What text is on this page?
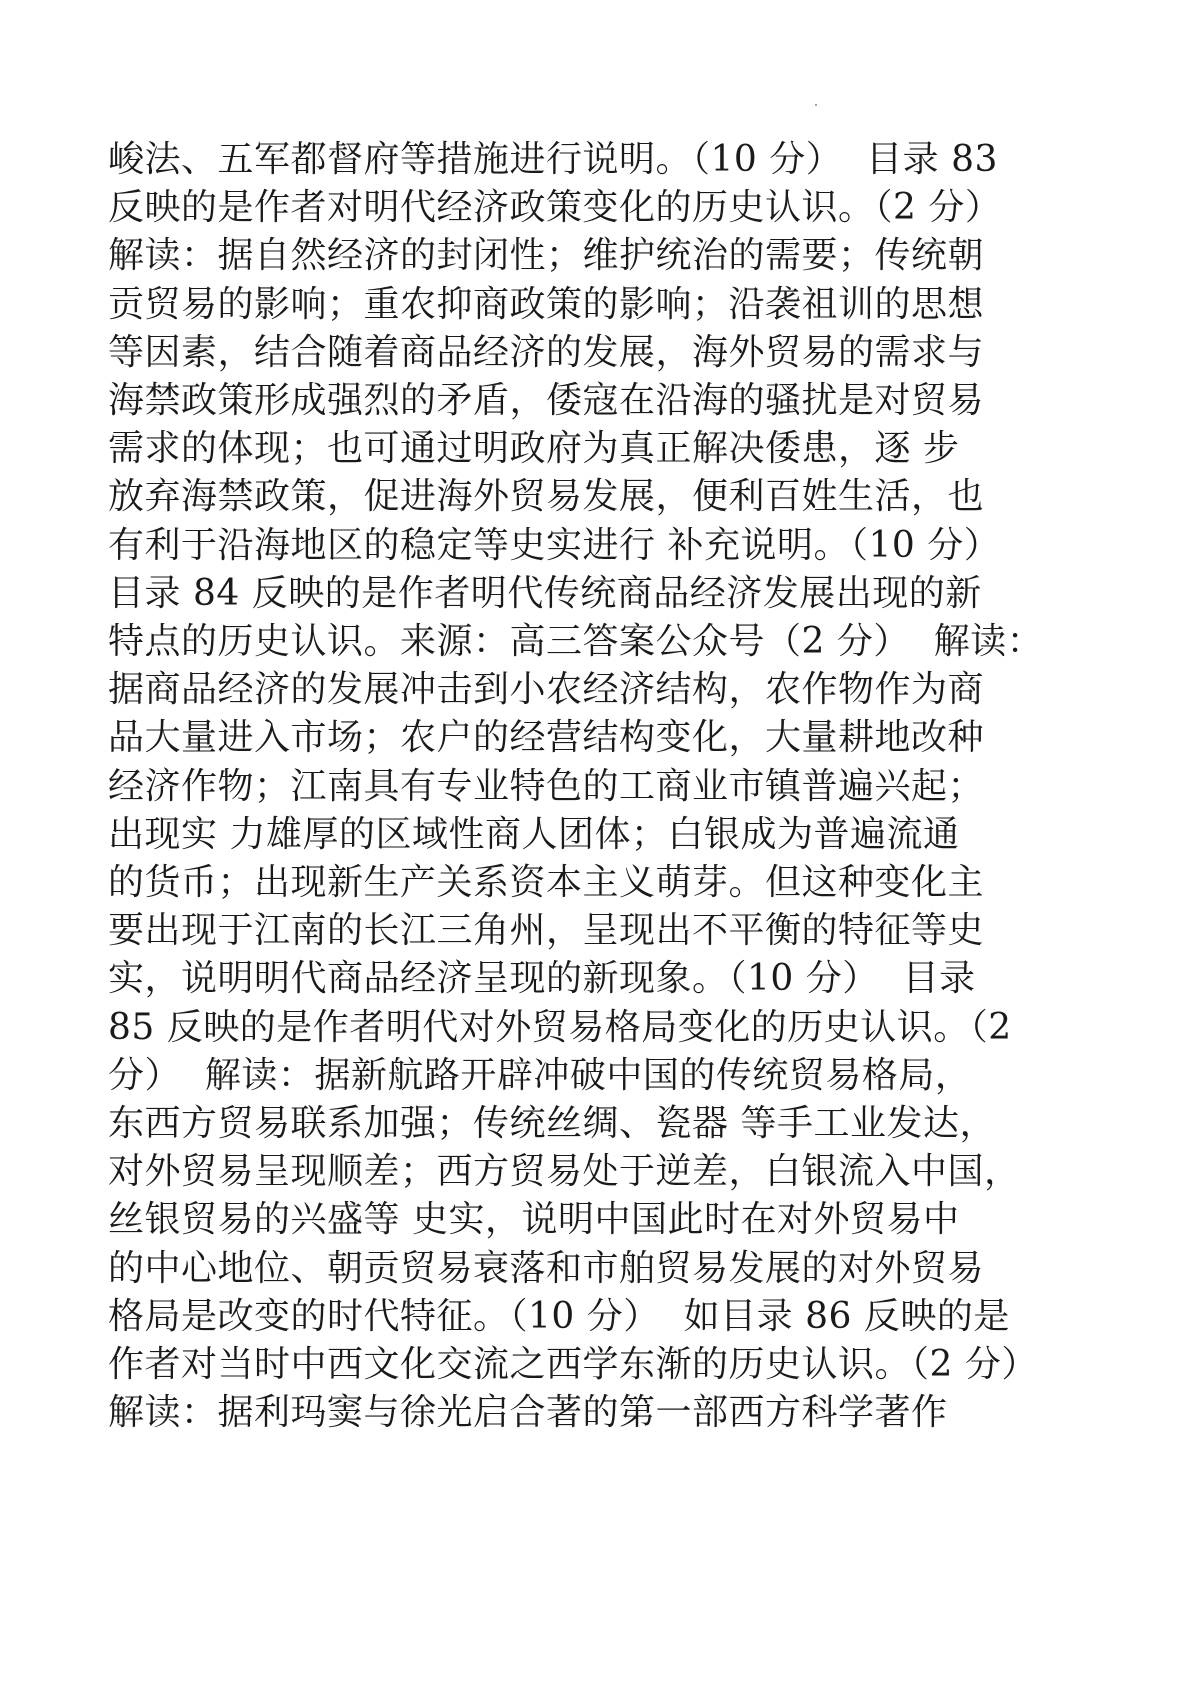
峻法、五军都督府等措施进行说明。（10 分）  目录 83
反映的是作者对明代经济政策变化的历史认识。（2 分）
解读：据自然经济的封闭性；维护统治的需要；传统朝
贡贸易的影响；重农抑商政策的影响；沿袭祖训的思想
等因素，结合随着商品经济的发展，海外贸易的需求与
海禁政策形成强烈的矛盾，倭寇在沿海的骚扰是对贸易
需求的体现；也可通过明政府为真正解决倭患，逐 步
放弃海禁政策，促进海外贸易发展，便利百姓生活，也
有利于沿海地区的稳定等史实进行 补充说明。（10 分）
目录 84 反映的是作者明代传统商品经济发展出现的新
特点的历史认识。来源：高三答案公众号（2 分）  解读：
据商品经济的发展冲击到小农经济结构，农作物作为商
品大量进入市场；农户的经营结构变化，大量耕地改种
经济作物；江南具有专业特色的工商业市镇普遍兴起；
出现实 力雄厚的区域性商人团体；白银成为普遍流通
的货币；出现新生产关系资本主义萌芽。但这种变化主
要出现于江南的长江三角州，呈现出不平衡的特征等史
实，说明明代商品经济呈现的新现象。（10 分）  目录
85 反映的是作者明代对外贸易格局变化的历史认识。（2
分）  解读：据新航路开辟冲破中国的传统贸易格局，
东西方贸易联系加强；传统丝绸、瓷器 等手工业发达，
对外贸易呈现顺差；西方贸易处于逆差，白银流入中国，
丝银贸易的兴盛等 史实，说明中国此时在对外贸易中
的中心地位、朝贡贸易衰落和市舶贸易发展的对外贸易
格局是改变的时代特征。（10 分）  如目录 86 反映的是
作者对当时中西文化交流之西学东渐的历史认识。（2 分）
解读：据利玛窦与徐光启合著的第一部西方科学著作
